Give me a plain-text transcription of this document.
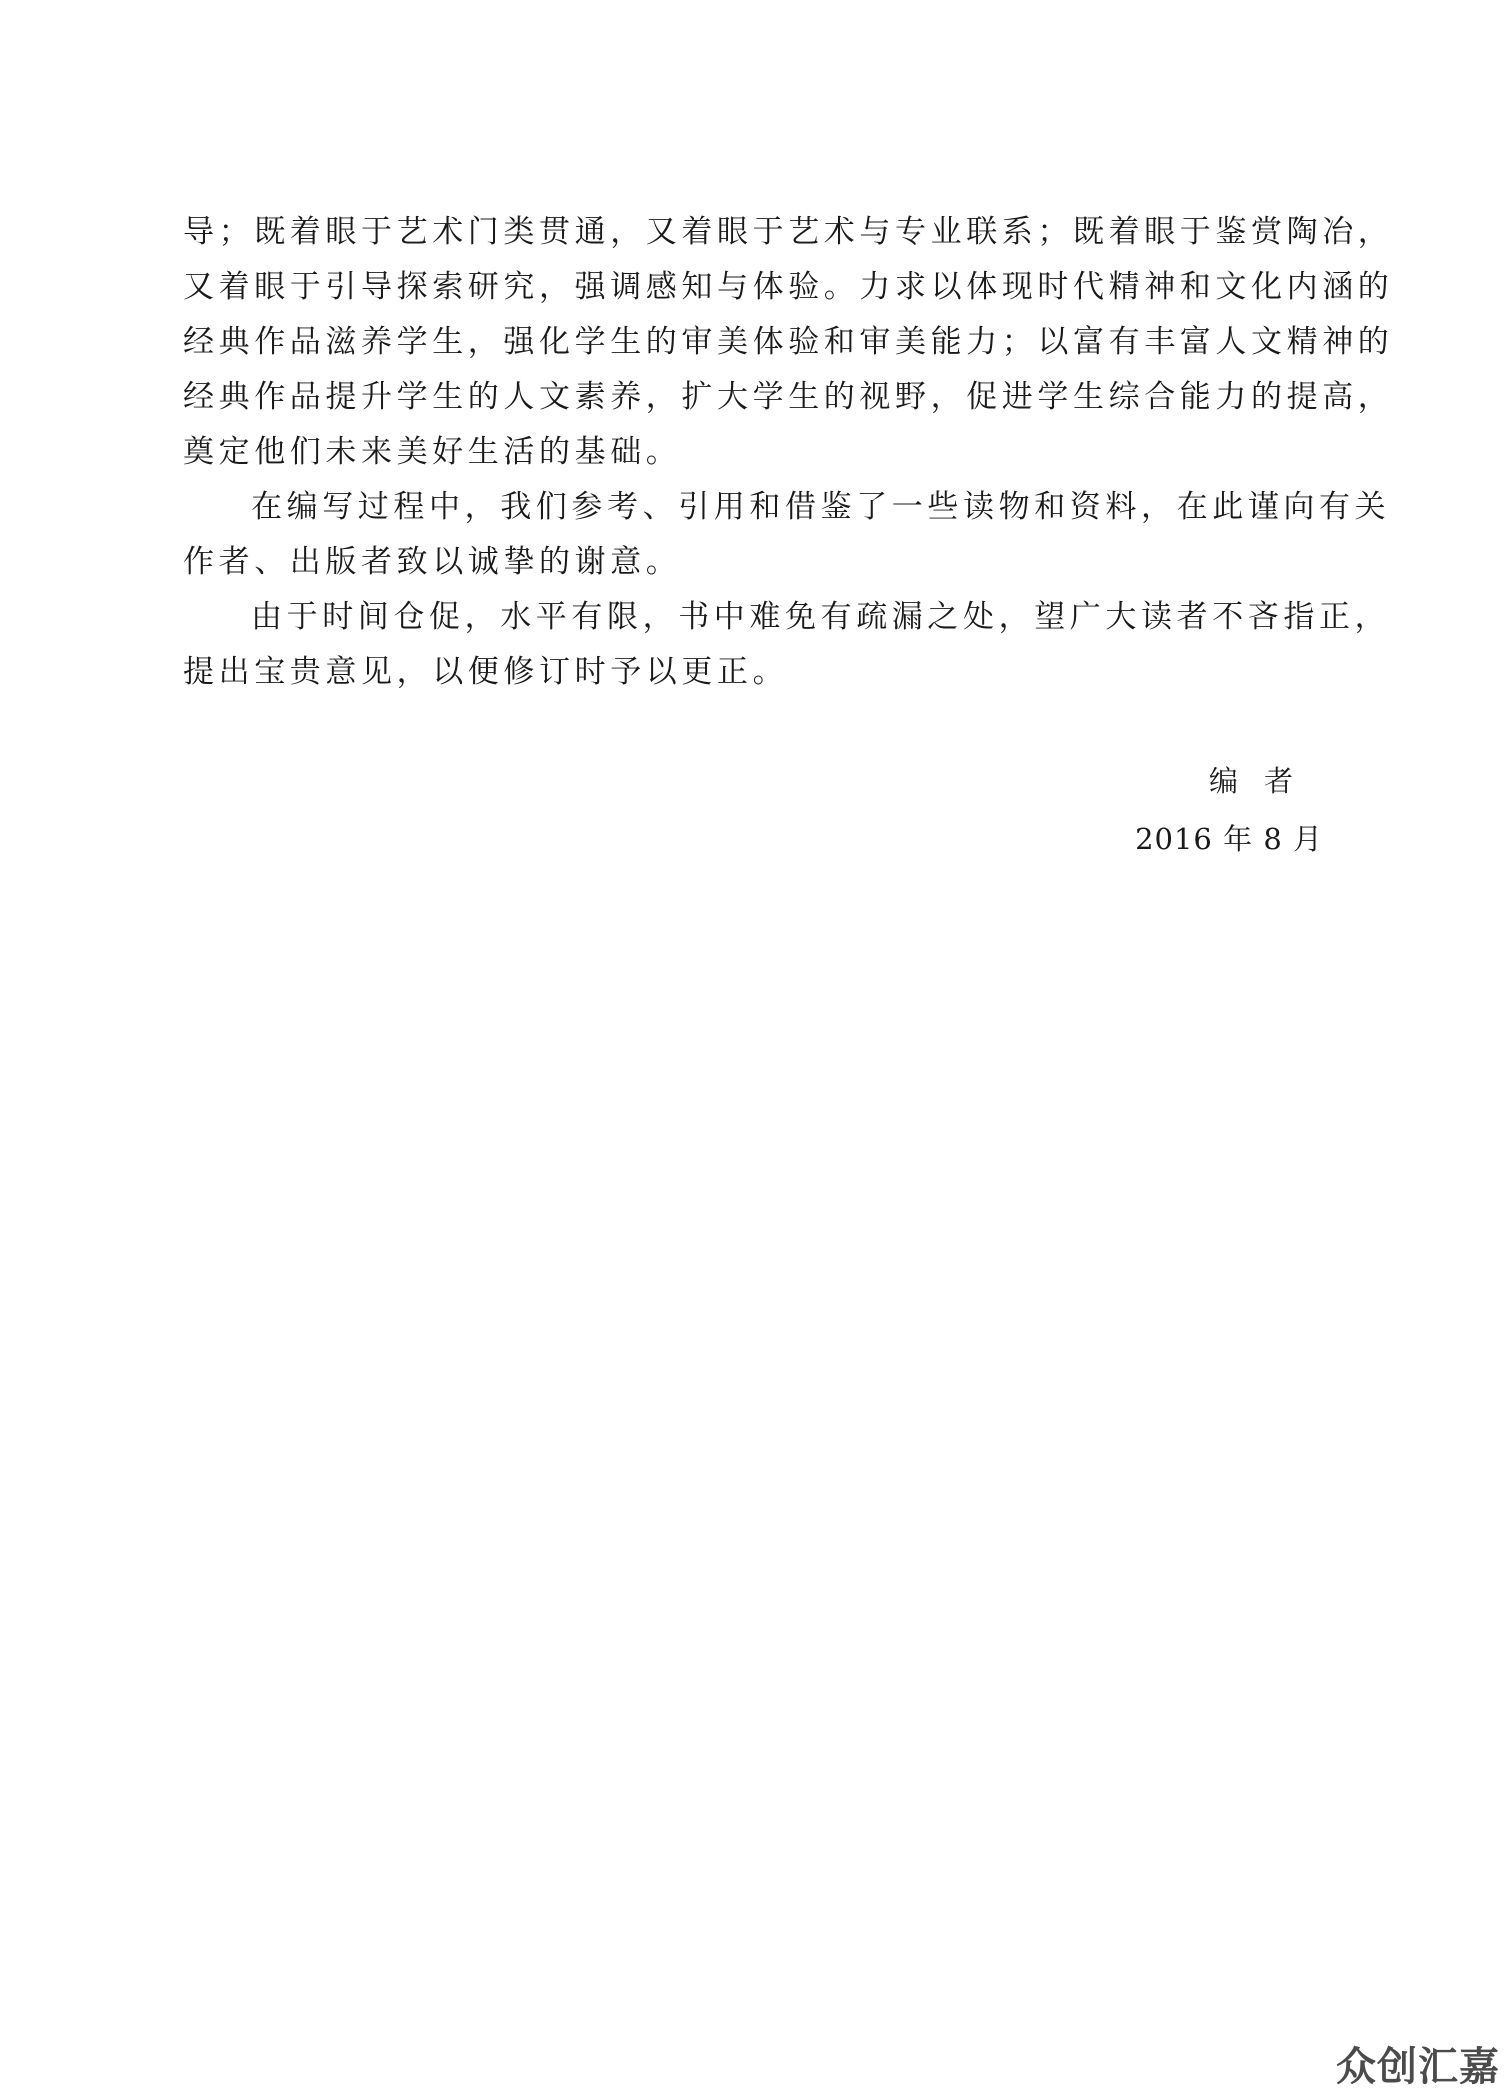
导；既着眼于艺术门类贯通，又着眼于艺术与专业联系；既着眼于鉴赏陶冶，
又着眼于引导探索研究，强调感知与体验。力求以体现时代精神和文化内涵的
经典作品滋养学生，强化学生的审美体验和审美能力；以富有丰富人文精神的
经典作品提升学生的人文素养，扩大学生的视野，促进学生综合能力的提高，
奠定他们未来美好生活的基础。
在编写过程中，我们参考、引用和借鉴了一些读物和资料，在此谨向有关
作者、出版者致以诚挚的谢意。
由于时间仓促，水平有限，书中难免有疏漏之处，望广大读者不吝指正，
提出宝贵意见，以便修订时予以更正。
编者
2016 年 8 月
众创汇嘉
